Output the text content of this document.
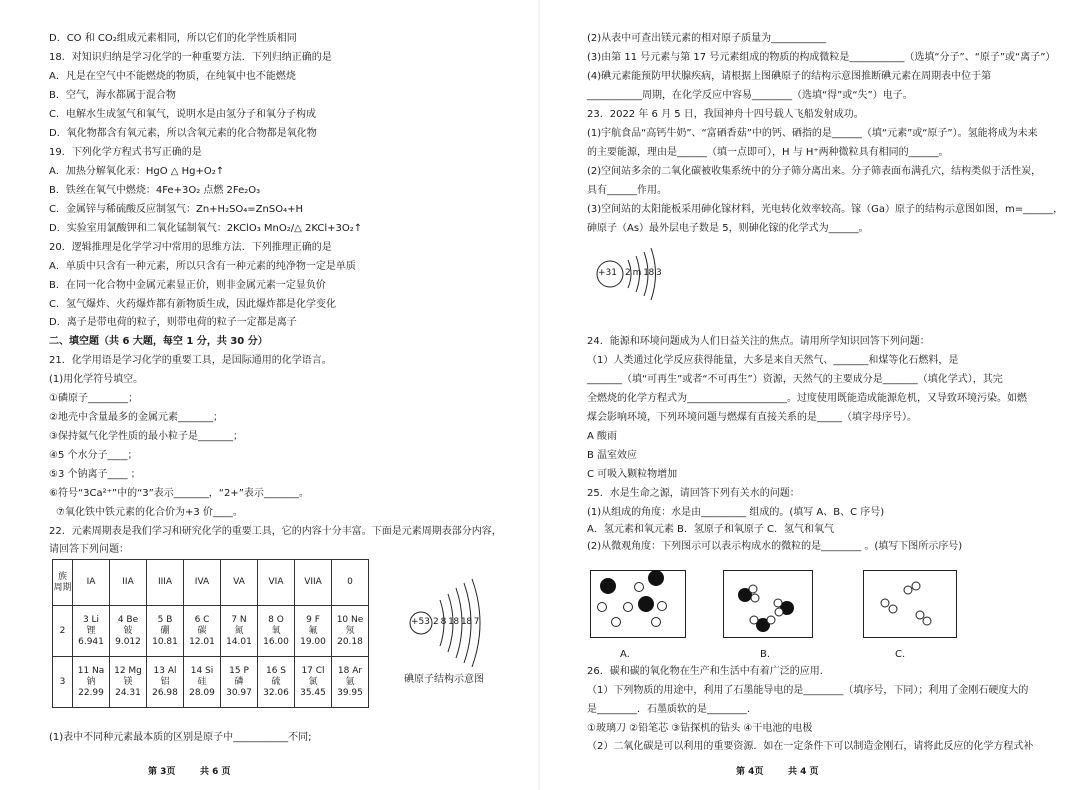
D．CO 和 CO₂组成元素相同，所以它们的化学性质相同
18．对知识归纳是学习化学的一种重要方法．下列归纳正确的是
A．凡是在空气中不能燃烧的物质，在纯氧中也不能燃烧
B．空气，海水都属于混合物
C．电解水生成氢气和氧气，说明水是由氢分子和氧分子构成
D．氧化物都含有氧元素，所以含氧元素的化合物都是氧化物
19．下列化学方程式书写正确的是
A．加热分解氧化汞：HgO △ Hg+O₂↑
B．铁丝在氧气中燃烧：4Fe+3O₂ 点燃 2Fe₂O₃
C．金属锌与稀硫酸反应制氢气：Zn+H₂SO₄=ZnSO₄+H
D．实验室用氯酸钾和二氧化锰制氧气：2KClO₃ MnO₂/△ 2KCl+3O₂↑
20．逻辑推理是化学学习中常用的思维方法．下列推理正确的是
A．单质中只含有一种元素，所以只含有一种元素的纯净物一定是单质
B．在同一化合物中金属元素显正价，则非金属元素一定显负价
C．氢气爆炸、火药爆炸都有新物质生成，因此爆炸都是化学变化
D．离子是带电荷的粒子，则带电荷的粒子一定都是离子
二、填空题（共 6 大题，每空 1 分，共 30 分）
21．化学用语是学习化学的重要工具，是国际通用的化学语言。
(1)用化学符号填空。
①磷原子________；
②地壳中含量最多的金属元素_______；
③保持氦气化学性质的最小粒子是_______；
④5 个水分子____；
⑤3 个钠离子____ ；
⑥符号“3Ca²⁺”中的“3”表示_______，“2+”表示_______。
⑦氧化铁中铁元素的化合价为+3 价____。
22．元素周期表是我们学习和研究化学的重要工具，它的内容十分丰富。下面是元素周期表部分内容，
请回答下列问题：
族
周期	IA	IIA	IIIA	IVA	VA	VIA	VIIA	0
2	3 Li
锂
6.941	4 Be
铍
9.012	5 B
硼
10.81	6 C
碳
12.01	7 N
氮
14.01	8 O
氧
16.00	9 F
氟
19.00	10 Ne
氖
20.18

3	11 Na
钠
22.99	12 Mg
镁
24.31	13 Al
铝
26.98	14 Si
硅
28.09	15 P
磷
30.97	16 S
硫
32.06	17 Cl
氯
35.45	18 Ar
氩
39.95
+53 2 8 18 18 7
碘原子结构示意图
(1)表中不同种元素最本质的区别是原子中___________不同;
第 3页	共 6 页
(2)从表中可查出镁元素的相对原子质量为___________
(3)由第 11 号元素与第 17 号元素组成的物质的构成微粒是___________（选填“分子”、“原子”或“离子”）
(4)碘元素能预防甲状腺疾病，请根据上图碘原子的结构示意图推断碘元素在周期表中位于第
___________周期，在化学反应中容易________（选填“得”或“失”）电子。
23．2022 年 6 月 5 日，我国神舟十四号载人飞船发射成功。
(1)宇航食品“高钙牛奶”、“富硒香菇”中的钙、硒指的是______（填“元素”或“原子”）。氢能将成为未来
的主要能源，理由是______（填一点即可），H 与 H⁺两种微粒具有相同的______。
(2)空间站多余的二氧化碳被收集系统中的分子筛分离出来。分子筛表面布满孔穴，结构类似于活性炭，
具有______作用。
(3)空间站的太阳能板采用砷化镓材料，光电转化效率较高。镓（Ga）原子的结构示意图如图，m=______，
砷原子（As）最外层电子数是 5，则砷化镓的化学式为______。
+31 2 m 18 3
24．能源和环境问题成为人们日益关注的焦点。请用所学知识回答下列问题：
（1）人类通过化学反应获得能量，大多是来自天然气、_______和煤等化石燃料，是
_______（填“可再生”或者“不可再生”）资源，天然气的主要成分是_______（填化学式），其完
全燃烧的化学方程式为____________________。过度使用既能造成能源危机，又导致环境污染。如燃
煤会影响环境，下列环境问题与燃煤有直接关系的是_____（填字母序号）。
A 酸雨
B 温室效应
C 可吸入颗粒物增加
25．水是生命之源，请回答下列有关水的问题：
(1)从组成的角度：水是由_________ 组成的。(填写 A、B、C 序号)
A．氢元素和氧元素 B．氢原子和氧原子 C．氢气和氧气
(2)从微观角度：下列图示可以表示构成水的微粒的是________ 。(填写下图所示序号)
A.	B.	C.
26．碳和碳的氧化物在生产和生活中有着广泛的应用.
（1）下列物质的用途中，利用了石墨能导电的是________（填序号，下同）；利用了金刚石硬度大的
是________．石墨质软的是________．
①玻璃刀 ②铅笔芯 ③钻探机的钻头 ④干电池的电极
（2）二氧化碳是可以利用的重要资源．如在一定条件下可以制造金刚石，请将此反应的化学方程式补
第 4页	共 4 页
